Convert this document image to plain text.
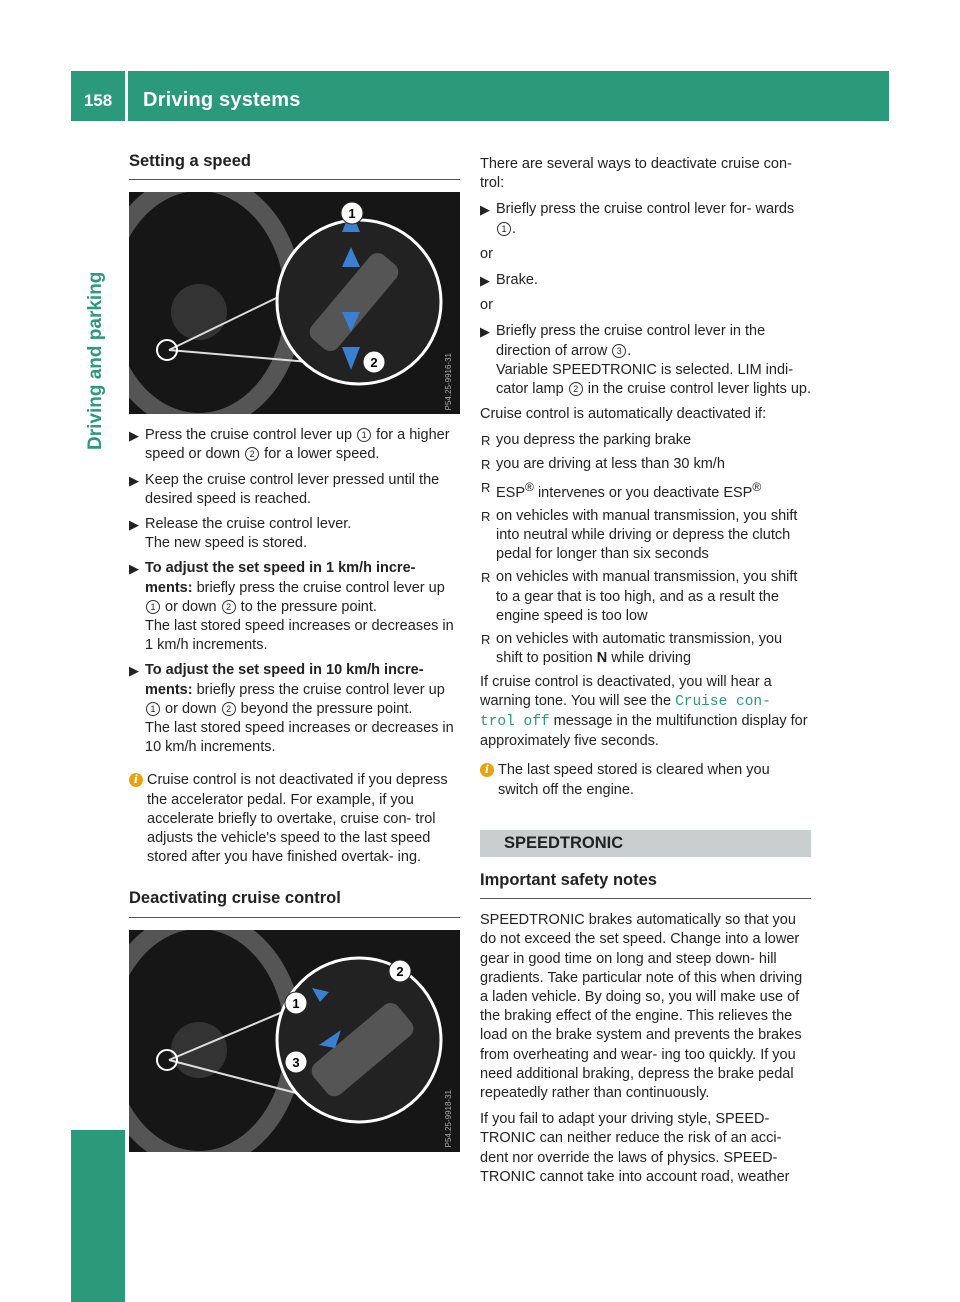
158	Driving systems
Driving and parking
Setting a speed
1
2	P54.25-9916-31
▶ Press the cruise control lever up 1 for a higher speed or down 2 for a lower speed.
▶ Keep the cruise control lever pressed until the desired speed is reached.
▶ Release the cruise control lever.
The new speed is stored.
▶ To adjust the set speed in 1 km/h incre- ments: briefly press the cruise control lever up 1 or down 2 to the pressure point.
The last stored speed increases or decreases in 1 km/h increments.
▶ To adjust the set speed in 10 km/h incre- ments: briefly press the cruise control lever up 1 or down 2 beyond the pressure point.
The last stored speed increases or decreases in 10 km/h increments.
i Cruise control is not deactivated if you depress the accelerator pedal. For example, if you accelerate briefly to overtake, cruise con- trol adjusts the vehicle's speed to the last speed stored after you have finished overtak- ing.
Deactivating cruise control
1
2
3
P54.25-9918-31

There are several ways to deactivate cruise con- trol:

▶ Briefly press the cruise control lever for- wards 1 .

or

▶ Brake.

or

▶ Briefly press the cruise control lever in the direction of arrow 3 .
Variable SPEEDTRONIC is selected. LIM indi- cator lamp 2 in the cruise control lever lights up.

Cruise control is automatically deactivated if:

R you depress the parking brake
R you are driving at less than 30 km/h
R ESP® intervenes or you deactivate ESP®
R on vehicles with manual transmission, you shift into neutral while driving or depress the clutch pedal for longer than six seconds
R on vehicles with manual transmission, you shift to a gear that is too high, and as a result the engine speed is too low
R on vehicles with automatic transmission, you shift to position N while driving

If cruise control is deactivated, you will hear a warning tone. You will see the Cruise con‐ trol off message in the multifunction display for approximately five seconds.

i The last speed stored is cleared when you switch off the engine.
SPEEDTRONIC
Important safety notes

SPEEDTRONIC brakes automatically so that you do not exceed the set speed. Change into a lower gear in good time on long and steep down- hill gradients. Take particular note of this when driving a laden vehicle. By doing so, you will make use of the braking effect of the engine. This relieves the load on the brake system and prevents the brakes from overheating and wear- ing too quickly. If you need additional braking, depress the brake pedal repeatedly rather than continuously.

If you fail to adapt your driving style, SPEED- TRONIC can neither reduce the risk of an acci- dent nor override the laws of physics. SPEED- TRONIC cannot take into account road, weather
